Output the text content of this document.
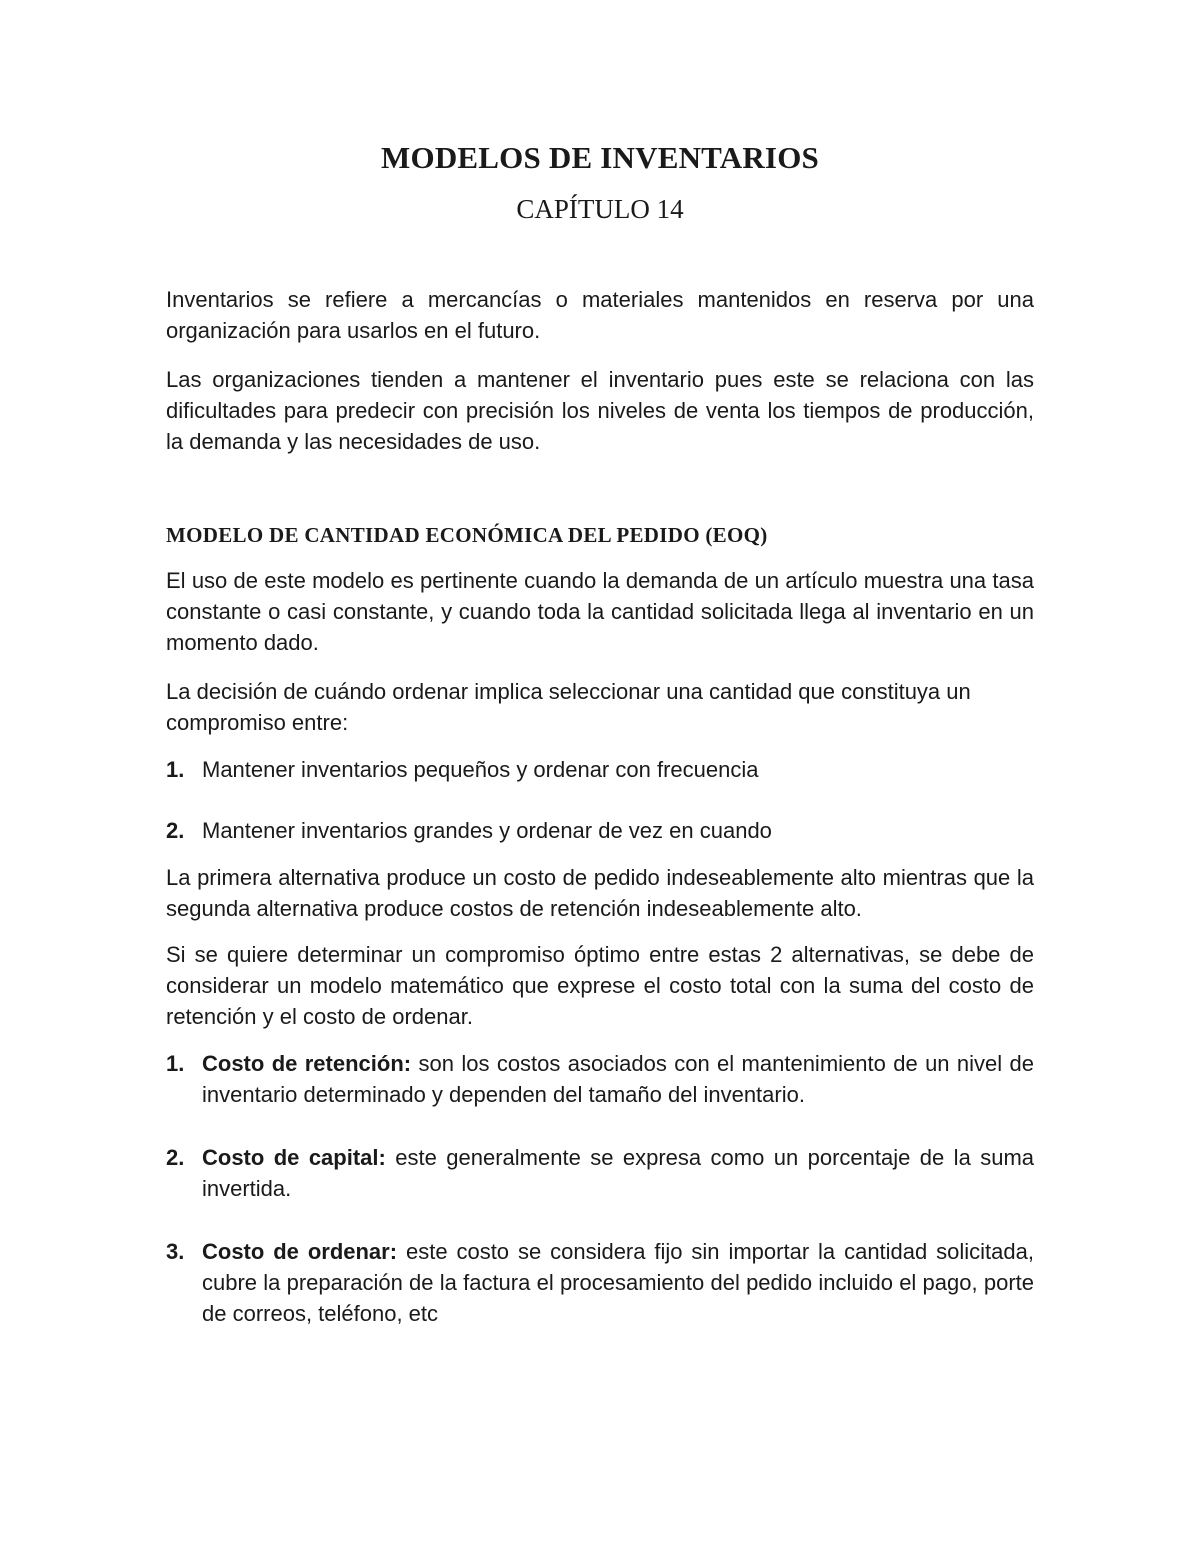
MODELOS DE INVENTARIOS
CAPÍTULO 14

Inventarios se refiere a mercancías o materiales mantenidos en reserva por una organización para usarlos en el futuro.

Las organizaciones tienden a mantener el inventario pues este se relaciona con las dificultades para predecir con precisión los niveles de venta los tiempos de producción, la demanda y las necesidades de uso.

MODELO DE CANTIDAD ECONÓMICA DEL PEDIDO (EOQ)

El uso de este modelo es pertinente cuando la demanda de un artículo muestra una tasa constante o casi constante, y cuando toda la cantidad solicitada llega al inventario en un momento dado.

La decisión de cuándo ordenar implica seleccionar una cantidad que constituya un compromiso entre:

1. Mantener inventarios pequeños y ordenar con frecuencia
2. Mantener inventarios grandes y ordenar de vez en cuando

La primera alternativa produce un costo de pedido indeseablemente alto mientras que la segunda alternativa produce costos de retención indeseablemente alto.

Si se quiere determinar un compromiso óptimo entre estas 2 alternativas, se debe de considerar un modelo matemático que exprese el costo total con la suma del costo de retención y el costo de ordenar.

1. Costo de retención: son los costos asociados con el mantenimiento de un nivel de inventario determinado y dependen del tamaño del inventario.
2. Costo de capital: este generalmente se expresa como un porcentaje de la suma invertida.
3. Costo de ordenar: este costo se considera fijo sin importar la cantidad solicitada, cubre la preparación de la factura el procesamiento del pedido incluido el pago, porte de correos, teléfono, etc
